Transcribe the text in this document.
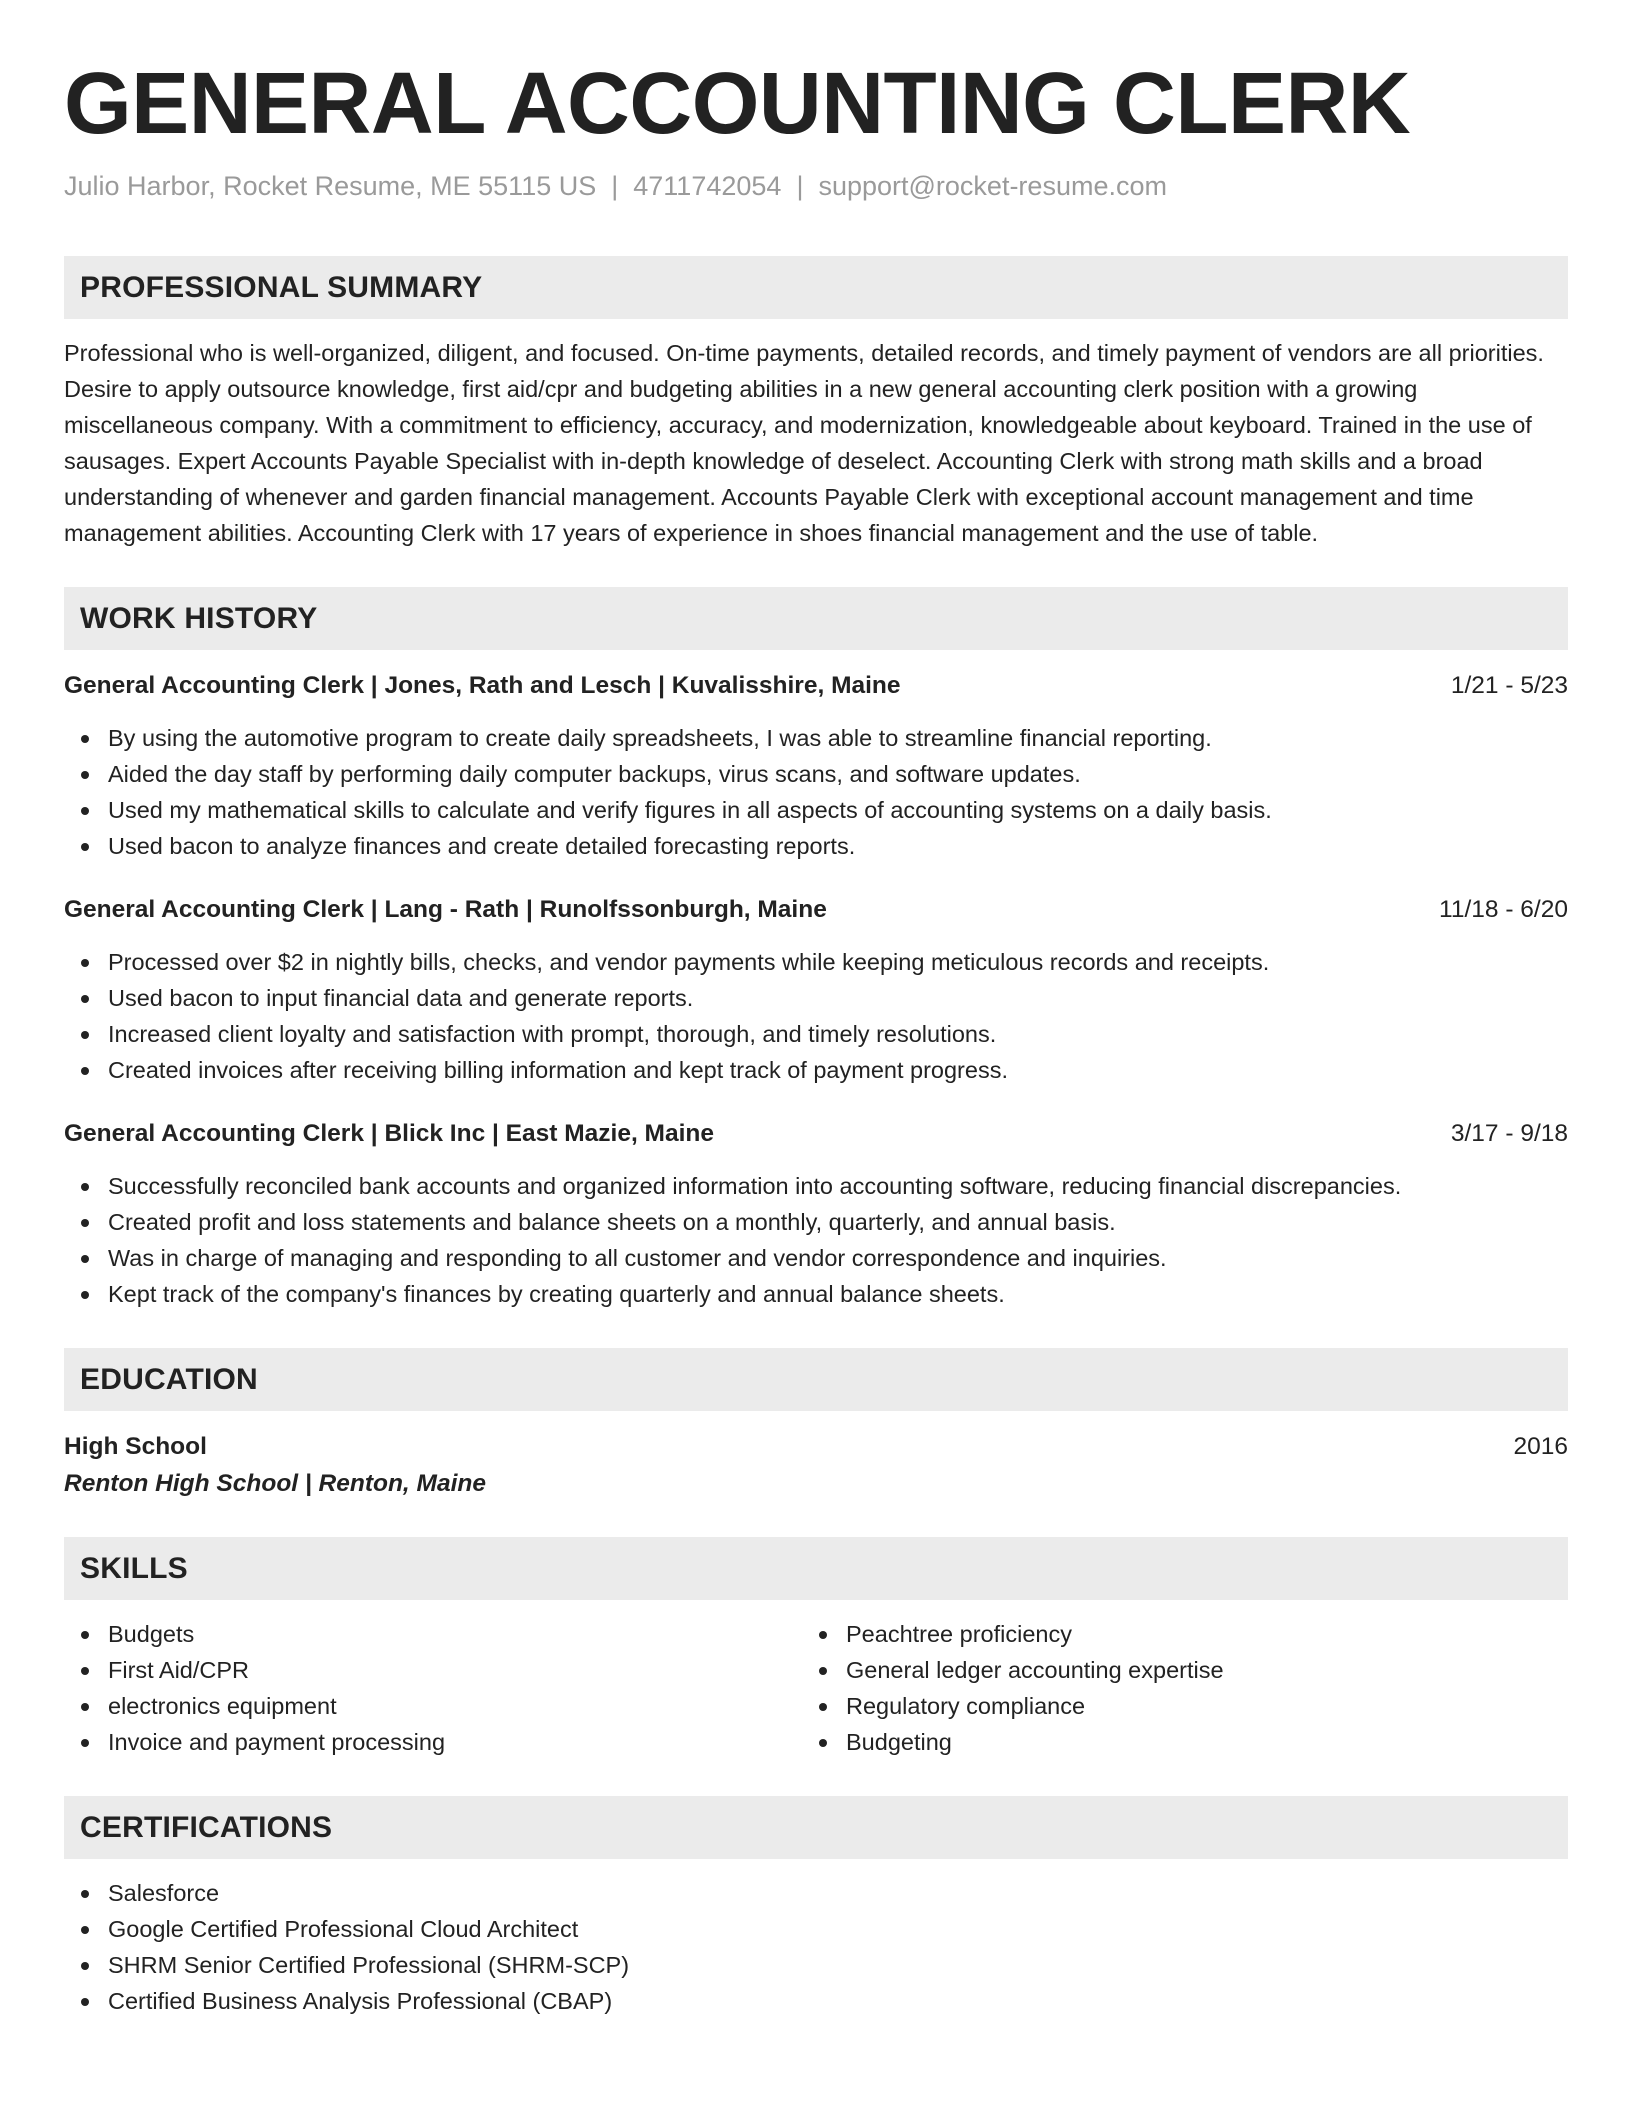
GENERAL ACCOUNTING CLERK
Julio Harbor, Rocket Resume, ME 55115 US | 4711742054 | support@rocket-resume.com
PROFESSIONAL SUMMARY

Professional who is well-organized, diligent, and focused. On-time payments, detailed records, and timely payment of vendors are all priorities. Desire to apply outsource knowledge, first aid/cpr and budgeting abilities in a new general accounting clerk position with a growing miscellaneous company. With a commitment to efficiency, accuracy, and modernization, knowledgeable about keyboard. Trained in the use of sausages. Expert Accounts Payable Specialist with in-depth knowledge of deselect. Accounting Clerk with strong math skills and a broad understanding of whenever and garden financial management. Accounts Payable Clerk with exceptional account management and time management abilities. Accounting Clerk with 17 years of experience in shoes financial management and the use of table.

WORK HISTORY
General Accounting Clerk | Jones, Rath and Lesch | Kuvalisshire, Maine	1/21 - 5/23
By using the automotive program to create daily spreadsheets, I was able to streamline financial reporting.
Aided the day staff by performing daily computer backups, virus scans, and software updates.
Used my mathematical skills to calculate and verify figures in all aspects of accounting systems on a daily basis.
Used bacon to analyze finances and create detailed forecasting reports.
General Accounting Clerk | Lang - Rath | Runolfssonburgh, Maine	11/18 - 6/20
Processed over $2 in nightly bills, checks, and vendor payments while keeping meticulous records and receipts.
Used bacon to input financial data and generate reports.
Increased client loyalty and satisfaction with prompt, thorough, and timely resolutions.
Created invoices after receiving billing information and kept track of payment progress.
General Accounting Clerk | Blick Inc | East Mazie, Maine	3/17 - 9/18
Successfully reconciled bank accounts and organized information into accounting software, reducing financial discrepancies.
Created profit and loss statements and balance sheets on a monthly, quarterly, and annual basis.
Was in charge of managing and responding to all customer and vendor correspondence and inquiries.
Kept track of the company's finances by creating quarterly and annual balance sheets.
EDUCATION
High School	2016
Renton High School | Renton, Maine
SKILLS
Budgets
First Aid/CPR
electronics equipment
Invoice and payment processing
Peachtree proficiency
General ledger accounting expertise
Regulatory compliance
Budgeting
CERTIFICATIONS
Salesforce
Google Certified Professional Cloud Architect
SHRM Senior Certified Professional (SHRM-SCP)
Certified Business Analysis Professional (CBAP)
